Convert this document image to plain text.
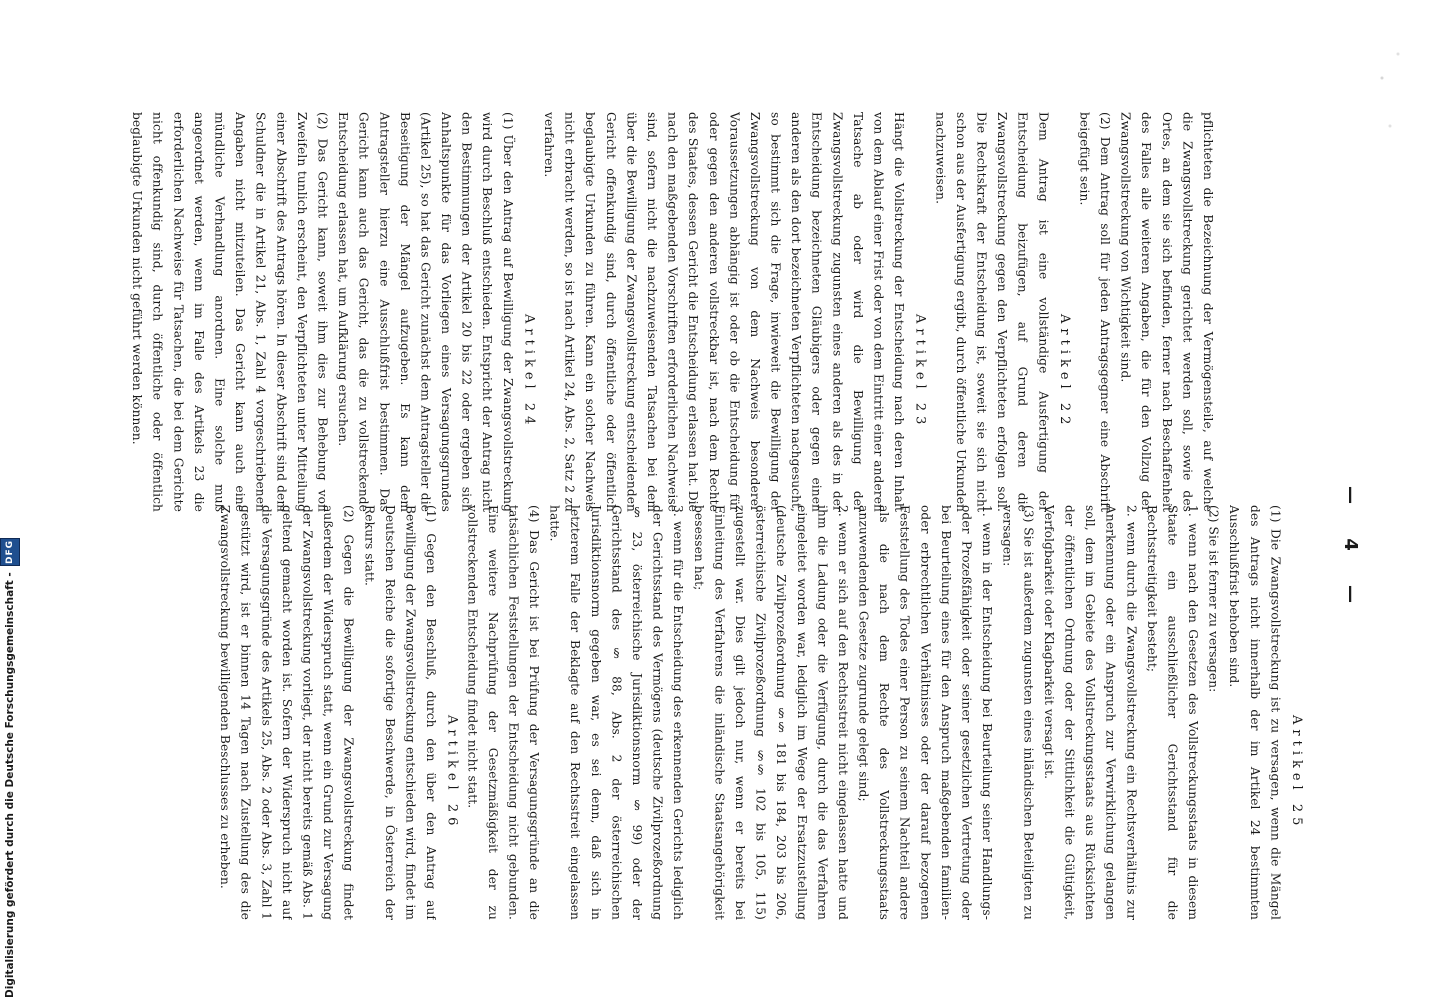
— 4 —

pflichteten die Bezeichnung der Vermögensteile, auf welche die Zwangsvollstreckung gerichtet werden soll, sowie des Ortes, an dem sie sich befinden, ferner nach Beschaffenheit des Falles alle weiteren Angaben, die für den Vollzug der Zwangsvollstreckung von Wichtigkeit sind.

(2) Dem Antrag soll für jeden Antragsgegner eine Abschrift beigefügt sein.

Artikel 22

Dem Antrag ist eine vollständige Ausfertigung der Entscheidung beizufügen, auf Grund deren die Zwangsvollstreckung gegen den Verpflichteten erfolgen soll. Die Rechtskraft der Entscheidung ist, soweit sie sich nicht schon aus der Ausfertigung ergibt, durch öffentliche Urkunden nachzuweisen.

Artikel 23

Hängt die Vollstreckung der Entscheidung nach deren Inhalt von dem Ablauf einer Frist oder von dem Eintritt einer anderen Tatsache ab oder wird die Bewilligung der Zwangsvollstreckung zugunsten eines anderen als des in der Entscheidung bezeichneten Gläubigers oder gegen einen anderen als den dort bezeichneten Verpflichteten nachgesucht, so bestimmt sich die Frage, inwieweit die Bewilligung der Zwangsvollstreckung von dem Nachweis besonderer Voraussetzungen abhängig ist oder ob die Entscheidung für oder gegen den anderen vollstreckbar ist, nach dem Rechte des Staates, dessen Gericht die Entscheidung erlassen hat. Die nach den maßgebenden Vorschriften erforderlichen Nachweise sind, sofern nicht die nachzuweisenden Tatsachen bei dem über die Bewilligung der Zwangsvollstreckung entscheidenden Gericht offenkundig sind, durch öffentliche oder öffentlich beglaubigte Urkunden zu führen. Kann ein solcher Nachweis nicht erbracht werden, so ist nach Artikel 24, Abs. 2, Satz 2 zu verfahren.

Artikel 24

(1) Über den Antrag auf Bewilligung der Zwangsvollstreckung wird durch Beschluß entschieden. Entspricht der Antrag nicht den Bestimmungen der Artikel 20 bis 22 oder ergeben sich Anhaltspunkte für das Vorliegen eines Versagungsgrundes (Artikel 25), so hat das Gericht zunächst dem Antragsteller die Beseitigung der Mängel aufzugeben. Es kann dem Antragsteller hierzu eine Ausschlußfrist bestimmen. Das Gericht kann auch das Gericht, das die zu vollstreckende Entscheidung erlassen hat, um Aufklärung ersuchen.

(2) Das Gericht kann, soweit ihm dies zur Behebung von Zweifeln tunlich erscheint, den Verpflichteten unter Mitteilung einer Abschrift des Antrags hören. In dieser Abschrift sind dem Schuldner die in Artikel 21, Abs. 1, Zahl 4 vorgeschriebenen Angaben nicht mitzuteilen. Das Gericht kann auch eine mündliche Verhandlung anordnen. Eine solche muß angeordnet werden, wenn im Falle des Artikels 23 die erforderlichen Nachweise für Tatsachen, die bei dem Gerichte nicht offenkundig sind, durch öffentliche oder öffentlich beglaubigte Urkunden nicht geführt werden können.

Artikel 25

(1) Die Zwangsvollstreckung ist zu versagen, wenn die Mängel des Antrags nicht innerhalb der im Artikel 24 bestimmten Ausschlußfrist behoben sind.

(2) Sie ist ferner zu versagen:

1. wenn nach den Gesetzen des Vollstreckungsstaats in diesem Staate ein ausschließlicher Gerichtsstand für die Rechtsstreitigkeit besteht;

2. wenn durch die Zwangsvollstreckung ein Rechtsverhältnis zur Anerkennung oder ein Anspruch zur Verwirklichung gelangen soll, dem im Gebiete des Vollstreckungsstaats aus Rücksichten der öffentlichen Ordnung oder der Sittlichkeit die Gültigkeit, Verfolgbarkeit oder Klagbarkeit versagt ist.

(3) Sie ist außerdem zugunsten eines inländischen Beteiligten zu versagen:

1. wenn in der Entscheidung bei Beurteilung seiner Handlungs- oder Prozeßfähigkeit oder seiner gesetzlichen Vertretung oder bei Beurteilung eines für den Anspruch maßgebenden familien- oder erbrechtlichen Verhältnisses oder der darauf bezogenen Feststellung des Todes einer Person zu seinem Nachteil andere als die nach dem Rechte des Vollstreckungsstaats anzuwendenden Gesetze zugrunde gelegt sind;

2. wenn er sich auf den Rechtsstreit nicht eingelassen hatte und ihm die Ladung oder die Verfügung, durch die das Verfahren eingeleitet worden war, lediglich im Wege der Ersatzzustellung (deutsche Zivilprozeßordnung §§ 181 bis 184, 203 bis 206, österreichische Zivilprozeßordnung §§ 102 bis 105, 115) zugestellt war. Dies gilt jedoch nur, wenn er bereits bei Einleitung des Verfahrens die inländische Staatsangehörigkeit besessen hat;

3. wenn für die Entscheidung des erkennenden Gerichts lediglich der Gerichtsstand des Vermögens (deutsche Zivilprozeßordnung § 23, österreichische Jurisdiktionsnorm § 99) oder der Gerichtsstand des § 88, Abs. 2 der österreichischen Jurisdiktionsnorm gegeben war, es sei denn, daß sich in letzterem Falle der Beklagte auf den Rechtsstreit eingelassen hatte.

(4) Das Gericht ist bei Prüfung der Versagungsgründe an die tatsächlichen Feststellungen der Entscheidung nicht gebunden. Eine weitere Nachprüfung der Gesetzmäßigkeit der zu vollstreckenden Entscheidung findet nicht statt.

Artikel 26

(1) Gegen den Beschluß, durch den über den Antrag auf Bewilligung der Zwangsvollstreckung entschieden wird, findet im Deutschen Reiche die sofortige Beschwerde, in Österreich der Rekurs statt.

(2) Gegen die Bewilligung der Zwangsvollstreckung findet außerdem der Widerspruch statt, wenn ein Grund zur Versagung der Zwangsvollstreckung vorliegt, der nicht bereits gemäß Abs. 1 geltend gemacht worden ist. Sofern der Widerspruch nicht auf die Versagungsgründe des Artikels 25, Abs. 2 oder Abs. 3, Zahl 1 gestützt wird, ist er binnen 14 Tagen nach Zustellung des die Zwangsvollstreckung bewilligenden Beschlusses zu erheben.

Digitalisierung gefördert durch die Deutsche Forschungsgemeinschaft -
DFG
